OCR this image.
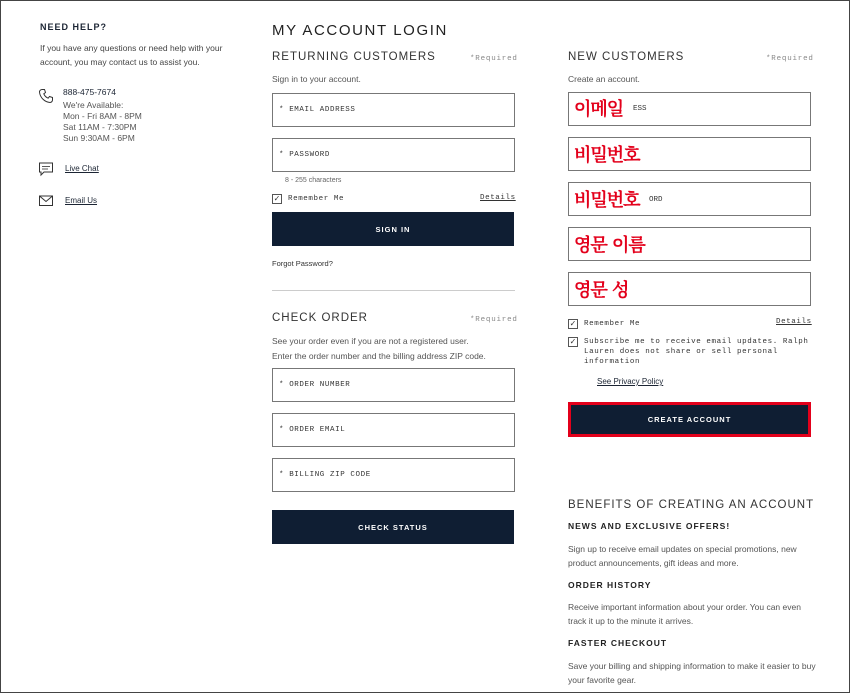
NEED HELP?
If you have any questions or need help with your account, you may contact us to assist you.
888-475-7674
We're Available:
Mon - Fri 8AM - 8PM
Sat 11AM - 7:30PM
Sun 9:30AM - 6PM
Live Chat
Email Us
MY ACCOUNT LOGIN
RETURNING CUSTOMERS	*Required
Sign in to your account.
* EMAIL ADDRESS
* PASSWORD
8 - 255 characters
✓ Remember Me	Details
SIGN IN
Forgot Password?
CHECK ORDER	*Required
See your order even if you are not a registered user.
Enter the order number and the billing address ZIP code.
* ORDER NUMBER
* ORDER EMAIL
* BILLING ZIP CODE
CHECK STATUS
NEW CUSTOMERS	*Required
Create an account.
이메일 ESS
비밀번호
비밀번호 ORD
영문 이름
영문 성
✓ Remember Me	Details
✓ Subscribe me to receive email updates. Ralph Lauren does not share or sell personal information
See Privacy Policy
CREATE ACCOUNT
BENEFITS OF CREATING AN ACCOUNT
NEWS AND EXCLUSIVE OFFERS!
Sign up to receive email updates on special promotions, new product announcements, gift ideas and more.
ORDER HISTORY
Receive important information about your order. You can even track it up to the minute it arrives.
FASTER CHECKOUT
Save your billing and shipping information to make it easier to buy your favorite gear.
